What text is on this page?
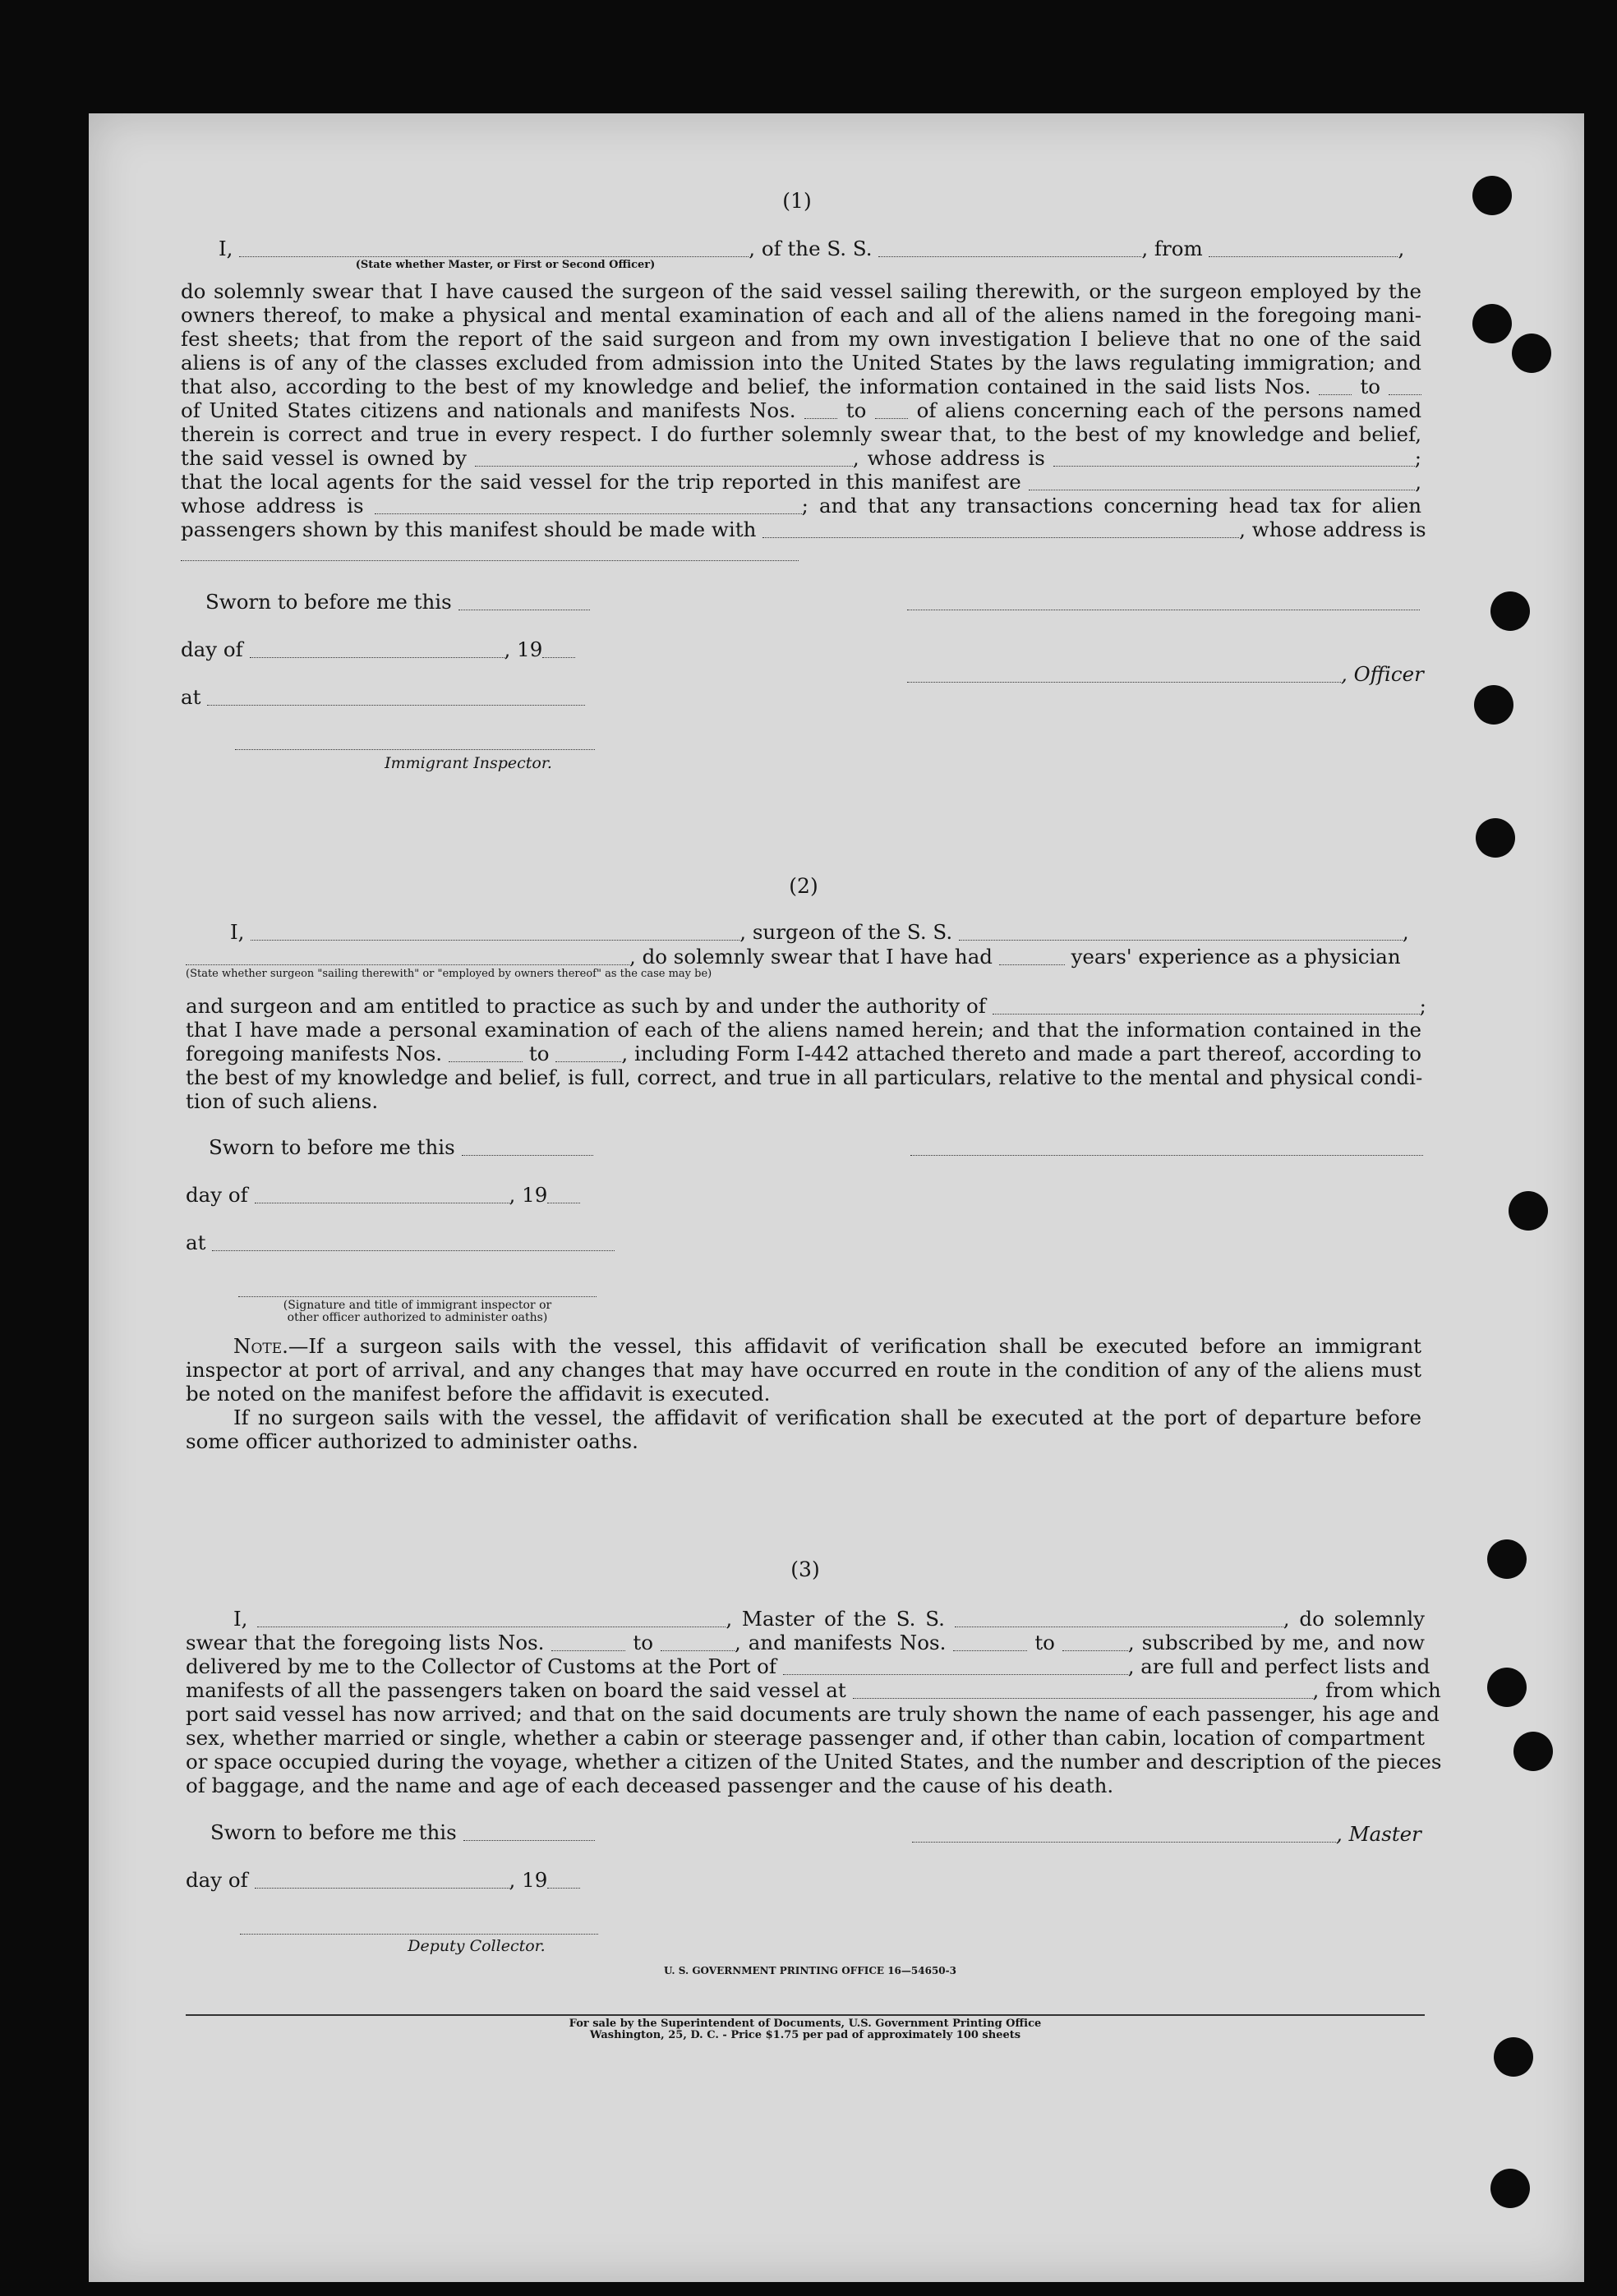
(1)
I,	, of the S. S.	, from	,
(State whether Master, or First or Second Officer)
do solemnly swear that I have caused the surgeon of the said vessel sailing therewith, or the surgeon employed by the
owners thereof, to make a physical and mental examination of each and all of the aliens named in the foregoing mani-
fest sheets; that from the report of the said surgeon and from my own investigation I believe that no one of the said
aliens is of any of the classes excluded from admission into the United States by the laws regulating immigration; and
that also, according to the best of my knowledge and belief, the information contained in the said lists Nos. to
of United States citizens and nationals and manifests Nos.	to	of aliens concerning each of the persons named
therein is correct and true in every respect. I do further solemnly swear that, to the best of my knowledge and belief,
the said vessel is owned by	, whose address is	;
that the local agents for the said vessel for the trip reported in this manifest are	,
whose address is	; and that any transactions concerning head tax for alien
passengers shown by this manifest should be made with	, whose address is
Sworn to before me this
day of	, 19
, Officer
at
Immigrant Inspector.
(2)
I,	, surgeon of the S. S.	,
, do solemnly swear that I have had	years' experience as a physician
(State whether surgeon "sailing therewith" or "employed by owners thereof" as the case may be)
and surgeon and am entitled to practice as such by and under the authority of	;
that I have made a personal examination of each of the aliens named herein; and that the information contained in the
foregoing manifests Nos.	to	, including Form I-442 attached thereto and made a part thereof, according to
the best of my knowledge and belief, is full, correct, and true in all particulars, relative to the mental and physical condi-
tion of such aliens.
Sworn to before me this
day of	, 19
at
(Signature and title of immigrant inspector or
other officer authorized to administer oaths)
Note.—If a surgeon sails with the vessel, this affidavit of verification shall be executed before an immigrant
inspector at port of arrival, and any changes that may have occurred en route in the condition of any of the aliens must
be noted on the manifest before the affidavit is executed.
If no surgeon sails with the vessel, the affidavit of verification shall be executed at the port of departure before
some officer authorized to administer oaths.
(3)
I,	, Master of the S. S.	, do solemnly
swear that the foregoing lists Nos.	to	, and manifests Nos.	to	, subscribed by me, and now
delivered by me to the Collector of Customs at the Port of	, are full and perfect lists and
manifests of all the passengers taken on board the said vessel at	, from which
port said vessel has now arrived; and that on the said documents are truly shown the name of each passenger, his age and
sex, whether married or single, whether a cabin or steerage passenger and, if other than cabin, location of compartment
or space occupied during the voyage, whether a citizen of the United States, and the number and description of the pieces
of baggage, and the name and age of each deceased passenger and the cause of his death.
Sworn to before me this	, Master
day of	, 19
Deputy Collector.
U. S. GOVERNMENT PRINTING OFFICE 16—54650-3
For sale by the Superintendent of Documents, U.S. Government Printing Office
Washington, 25, D. C. - Price $1.75 per pad of approximately 100 sheets
